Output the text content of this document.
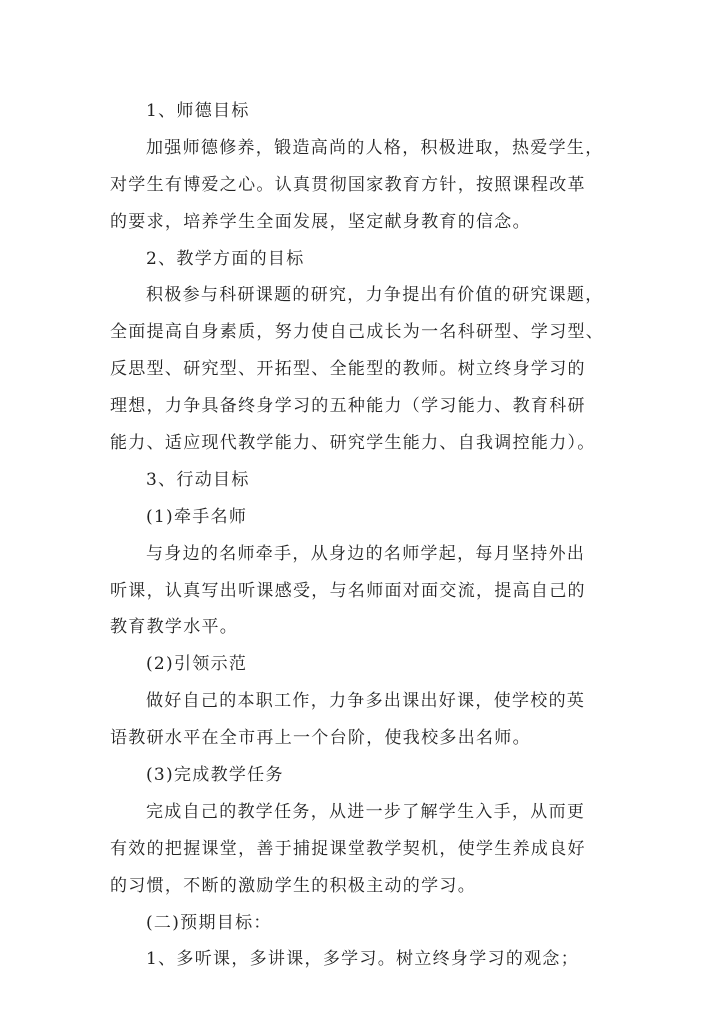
1、师德目标
加强师德修养，锻造高尚的人格，积极进取，热爱学生，
对学生有博爱之心。认真贯彻国家教育方针，按照课程改革
的要求，培养学生全面发展，坚定献身教育的信念。
2、教学方面的目标
积极参与科研课题的研究，力争提出有价值的研究课题，
全面提高自身素质，努力使自己成长为一名科研型、学习型、
反思型、研究型、开拓型、全能型的教师。树立终身学习的
理想，力争具备终身学习的五种能力（学习能力、教育科研
能力、适应现代教学能力、研究学生能力、自我调控能力）。
3、行动目标
(1)牵手名师
与身边的名师牵手，从身边的名师学起，每月坚持外出
听课，认真写出听课感受，与名师面对面交流，提高自己的
教育教学水平。
(2)引领示范
做好自己的本职工作，力争多出课出好课，使学校的英
语教研水平在全市再上一个台阶，使我校多出名师。
(3)完成教学任务
完成自己的教学任务，从进一步了解学生入手，从而更
有效的把握课堂，善于捕捉课堂教学契机，使学生养成良好
的习惯，不断的激励学生的积极主动的学习。
(二)预期目标：
1、多听课，多讲课，多学习。树立终身学习的观念；
